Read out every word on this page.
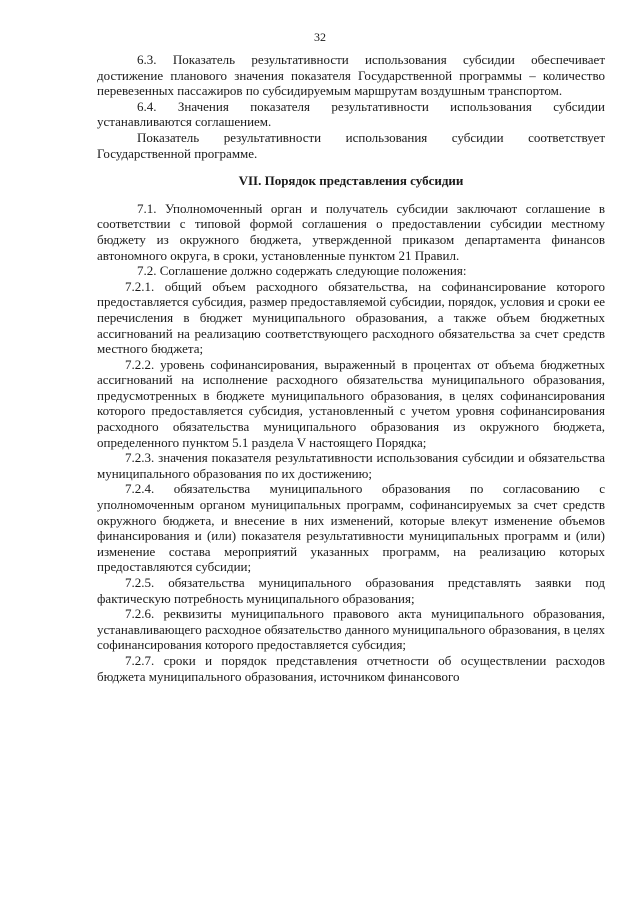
32

6.3. Показатель результативности использования субсидии обеспечивает достижение планового значения показателя Государственной программы – количество перевезенных пассажиров по субсидируемым маршрутам воздушным транспортом.

6.4. Значения показателя результативности использования субсидии устанавливаются соглашением.

Показатель результативности использования субсидии соответствует Государственной программе.

VII. Порядок представления субсидии

7.1. Уполномоченный орган и получатель субсидии заключают соглашение в соответствии с типовой формой соглашения о предоставлении субсидии местному бюджету из окружного бюджета, утвержденной приказом департамента финансов автономного округа, в сроки, установленные пунктом 21 Правил.

7.2. Соглашение должно содержать следующие положения:

7.2.1. общий объем расходного обязательства, на софинансирование которого предоставляется субсидия, размер предоставляемой субсидии, порядок, условия и сроки ее перечисления в бюджет муниципального образования, а также объем бюджетных ассигнований на реализацию соответствующего расходного обязательства за счет средств местного бюджета;

7.2.2. уровень софинансирования, выраженный в процентах от объема бюджетных ассигнований на исполнение расходного обязательства муниципального образования, предусмотренных в бюджете муниципального образования, в целях софинансирования которого предоставляется субсидия, установленный с учетом уровня софинансирования расходного обязательства муниципального образования из окружного бюджета, определенного пунктом 5.1 раздела V настоящего Порядка;

7.2.3. значения показателя результативности использования субсидии и обязательства муниципального образования по их достижению;

7.2.4. обязательства муниципального образования по согласованию с уполномоченным органом муниципальных программ, софинансируемых за счет средств окружного бюджета, и внесение в них изменений, которые влекут изменение объемов финансирования и (или) показателя результативности муниципальных программ и (или) изменение состава мероприятий указанных программ, на реализацию которых предоставляются субсидии;

7.2.5. обязательства муниципального образования представлять заявки под фактическую потребность муниципального образования;

7.2.6. реквизиты муниципального правового акта муниципального образования, устанавливающего расходное обязательство данного муниципального образования, в целях софинансирования которого предоставляется субсидия;

7.2.7. сроки и порядок представления отчетности об осуществлении расходов бюджета муниципального образования, источником финансового
